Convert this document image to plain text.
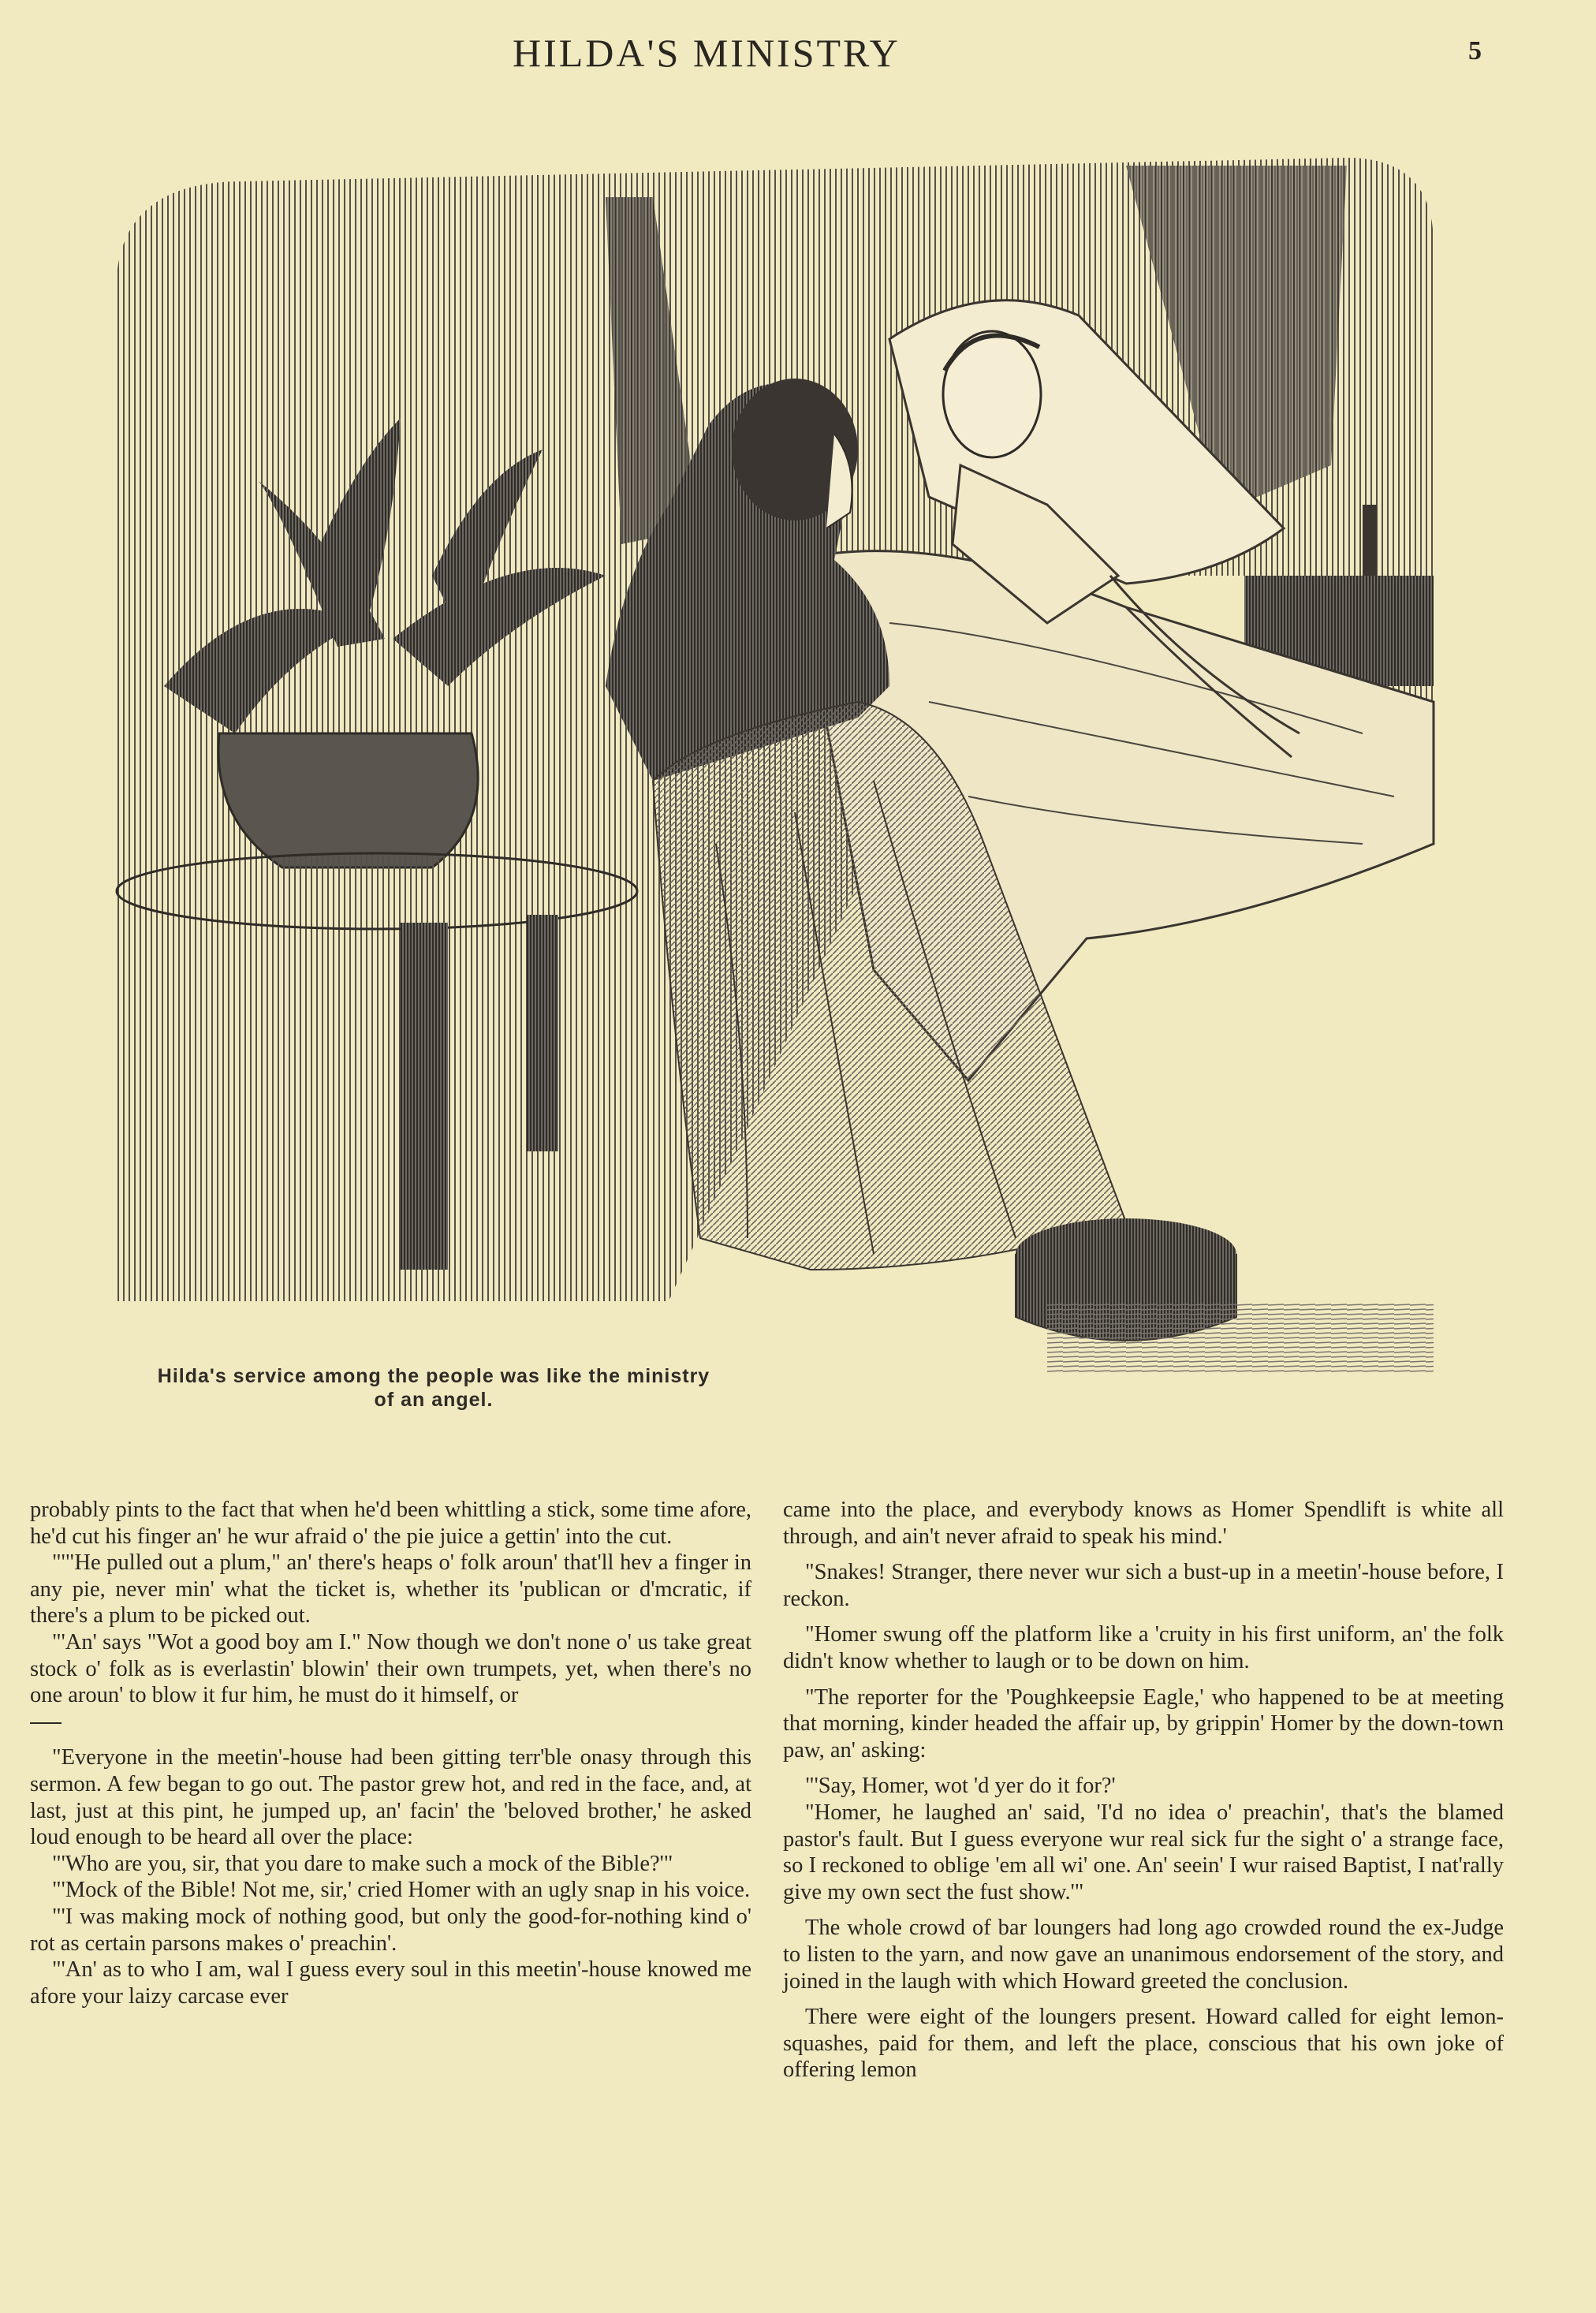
HILDA'S MINISTRY	5
Hilda's service among the people was like the ministry of an angel.

probably pints to the fact that when he'd been whittling a stick, some time afore, he'd cut his finger an' he wur afraid o' the pie juice a gettin' into the cut.

"'"He pulled out a plum," an' there's heaps o' folk aroun' that'll hev a finger in any pie, never min' what the ticket is, whether its 'publican or d'mcratic, if there's a plum to be picked out.

"'An' says "Wot a good boy am I." Now though we don't none o' us take great stock o' folk as is everlastin' blowin' their own trumpets, yet, when there's no one aroun' to blow it fur him, he must do it himself, or

"Everyone in the meetin'-house had been gitting terr'ble onasy through this sermon. A few began to go out. The pastor grew hot, and red in the face, and, at last, just at this pint, he jumped up, an' facin' the 'beloved brother,' he asked loud enough to be heard all over the place:

"'Who are you, sir, that you dare to make such a mock of the Bible?'"

"'Mock of the Bible! Not me, sir,' cried Homer with an ugly snap in his voice.

"'I was making mock of nothing good, but only the good-for-nothing kind o' rot as certain parsons makes o' preachin'.

"'An' as to who I am, wal I guess every soul in this meetin'-house knowed me afore your laizy carcase ever

came into the place, and everybody knows as Homer Spendlift is white all through, and ain't never afraid to speak his mind.'

"Snakes! Stranger, there never wur sich a bust-up in a meetin'-house before, I reckon.

"Homer swung off the platform like a 'cruity in his first uniform, an' the folk didn't know whether to laugh or to be down on him.

"The reporter for the 'Poughkeepsie Eagle,' who happened to be at meeting that morning, kinder headed the affair up, by grippin' Homer by the down-town paw, an' asking:

"'Say, Homer, wot 'd yer do it for?'

"Homer, he laughed an' said, 'I'd no idea o' preachin', that's the blamed pastor's fault. But I guess everyone wur real sick fur the sight o' a strange face, so I reckoned to oblige 'em all wi' one. An' seein' I wur raised Baptist, I nat'rally give my own sect the fust show.'"

The whole crowd of bar loungers had long ago crowded round the ex-Judge to listen to the yarn, and now gave an unanimous endorsement of the story, and joined in the laugh with which Howard greeted the conclusion.

There were eight of the loungers present. Howard called for eight lemon-squashes, paid for them, and left the place, conscious that his own joke of offering lemon
